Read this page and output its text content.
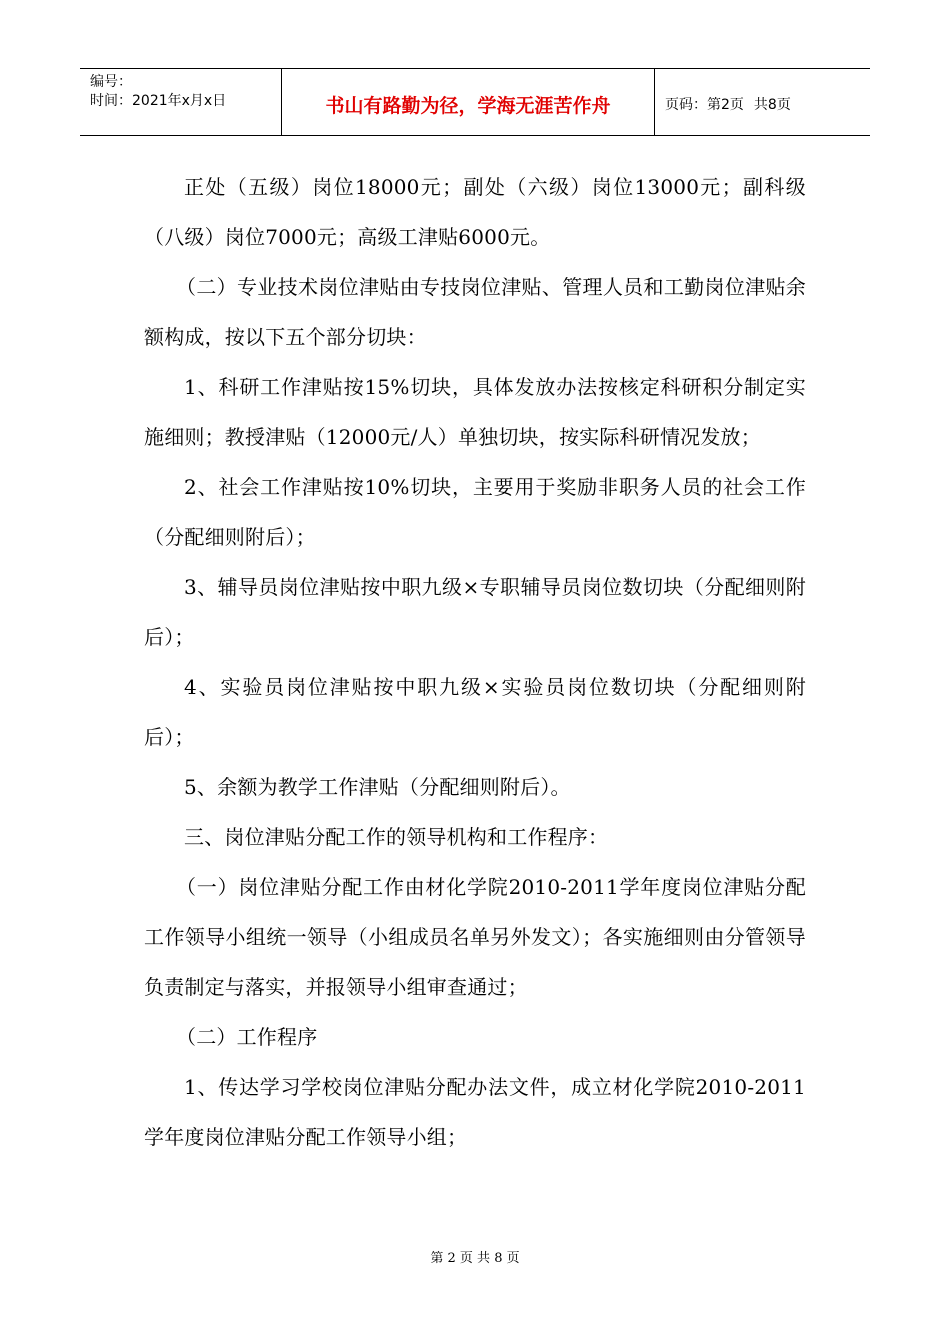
编号：
时间：2021年x月x日	书山有路勤为径，学海无涯苦作舟	页码：第2页 共8页

正处（五级）岗位18000元；副处（六级）岗位13000元；副科级（八级）岗位7000元；高级工津贴6000元。

（二）专业技术岗位津贴由专技岗位津贴、管理人员和工勤岗位津贴余额构成，按以下五个部分切块：

1、科研工作津贴按15%切块，具体发放办法按核定科研积分制定实施细则；教授津贴（12000元/人）单独切块，按实际科研情况发放；

2、社会工作津贴按10%切块，主要用于奖励非职务人员的社会工作（分配细则附后）；

3、辅导员岗位津贴按中职九级×专职辅导员岗位数切块（分配细则附后）；

4、实验员岗位津贴按中职九级×实验员岗位数切块（分配细则附后）；

5、余额为教学工作津贴（分配细则附后）。

三、岗位津贴分配工作的领导机构和工作程序：

（一）岗位津贴分配工作由材化学院2010-2011学年度岗位津贴分配工作领导小组统一领导（小组成员名单另外发文）；各实施细则由分管领导负责制定与落实，并报领导小组审查通过；

（二）工作程序

1、传达学习学校岗位津贴分配办法文件，成立材化学院2010-2011学年度岗位津贴分配工作领导小组；

第 2 页 共 8 页
